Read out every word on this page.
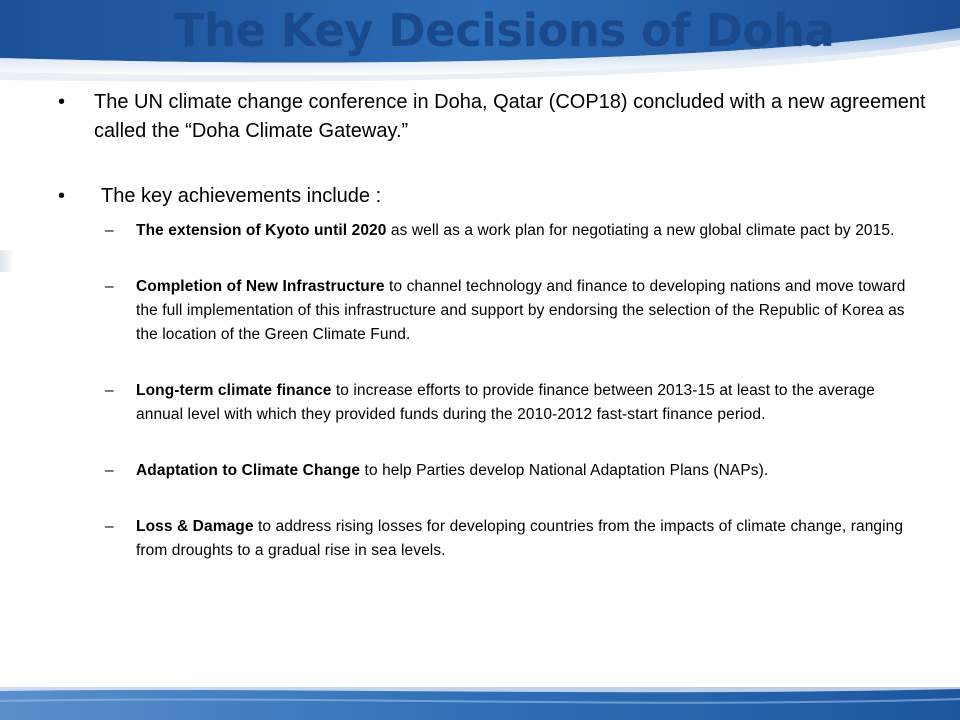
The Key Decisions of Doha
• The UN climate change conference in Doha, Qatar (COP18) concluded with a new agreement called the “Doha Climate Gateway.”
• The key achievements include :
– The extension of Kyoto until 2020 as well as a work plan for negotiating a new global climate pact by 2015.
– Completion of New Infrastructure to channel technology and finance to developing nations and move toward the full implementation of this infrastructure and support by endorsing the selection of the Republic of Korea as the location of the Green Climate Fund.
– Long-term climate finance to increase efforts to provide finance between 2013-15 at least to the average annual level with which they provided funds during the 2010-2012 fast-start finance period.
– Adaptation to Climate Change to help Parties develop National Adaptation Plans (NAPs).
– Loss & Damage to address rising losses for developing countries from the impacts of climate change, ranging from droughts to a gradual rise in sea levels.
